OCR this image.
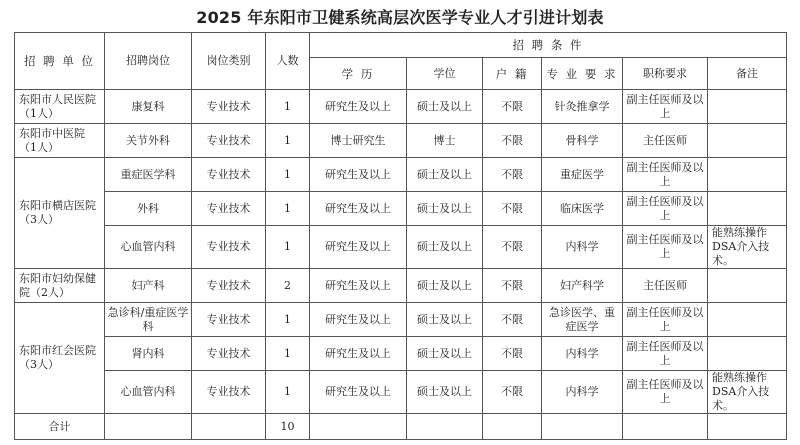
2025 年东阳市卫健系统高层次医学专业人才引进计划表
招 聘 单 位	招聘岗位	岗位类别	人数	招 聘 条 件					
				学 历	学位	户 籍	专 业 要 求	职称要求	备注
东阳市人民医院（1人）	康复科	专业技术	1	研究生及以上	硕士及以上	不限	针灸推拿学	副主任医师及以上	
东阳市中医院（1人）	关节外科	专业技术	1	博士研究生	博士	不限	骨科学	主任医师	
东阳市横店医院（3人）	重症医学科	专业技术	1	研究生及以上	硕士及以上	不限	重症医学	副主任医师及以上	
	外科	专业技术	1	研究生及以上	硕士及以上	不限	临床医学	副主任医师及以上	
	心血管内科	专业技术	1	研究生及以上	硕士及以上	不限	内科学	副主任医师及以上	能熟练操作DSA介入技术。
东阳市妇幼保健院（2人）	妇产科	专业技术	2	研究生及以上	硕士及以上	不限	妇产科学	主任医师	
东阳市红会医院（3人）	急诊科/重症医学科	专业技术	1	研究生及以上	硕士及以上	不限	急诊医学、重症医学	副主任医师及以上	
	肾内科	专业技术	1	研究生及以上	硕士及以上	不限	内科学	副主任医师及以上	
	心血管内科	专业技术	1	研究生及以上	硕士及以上	不限	内科学	副主任医师及以上	能熟练操作DSA介入技术。
合计			10						
